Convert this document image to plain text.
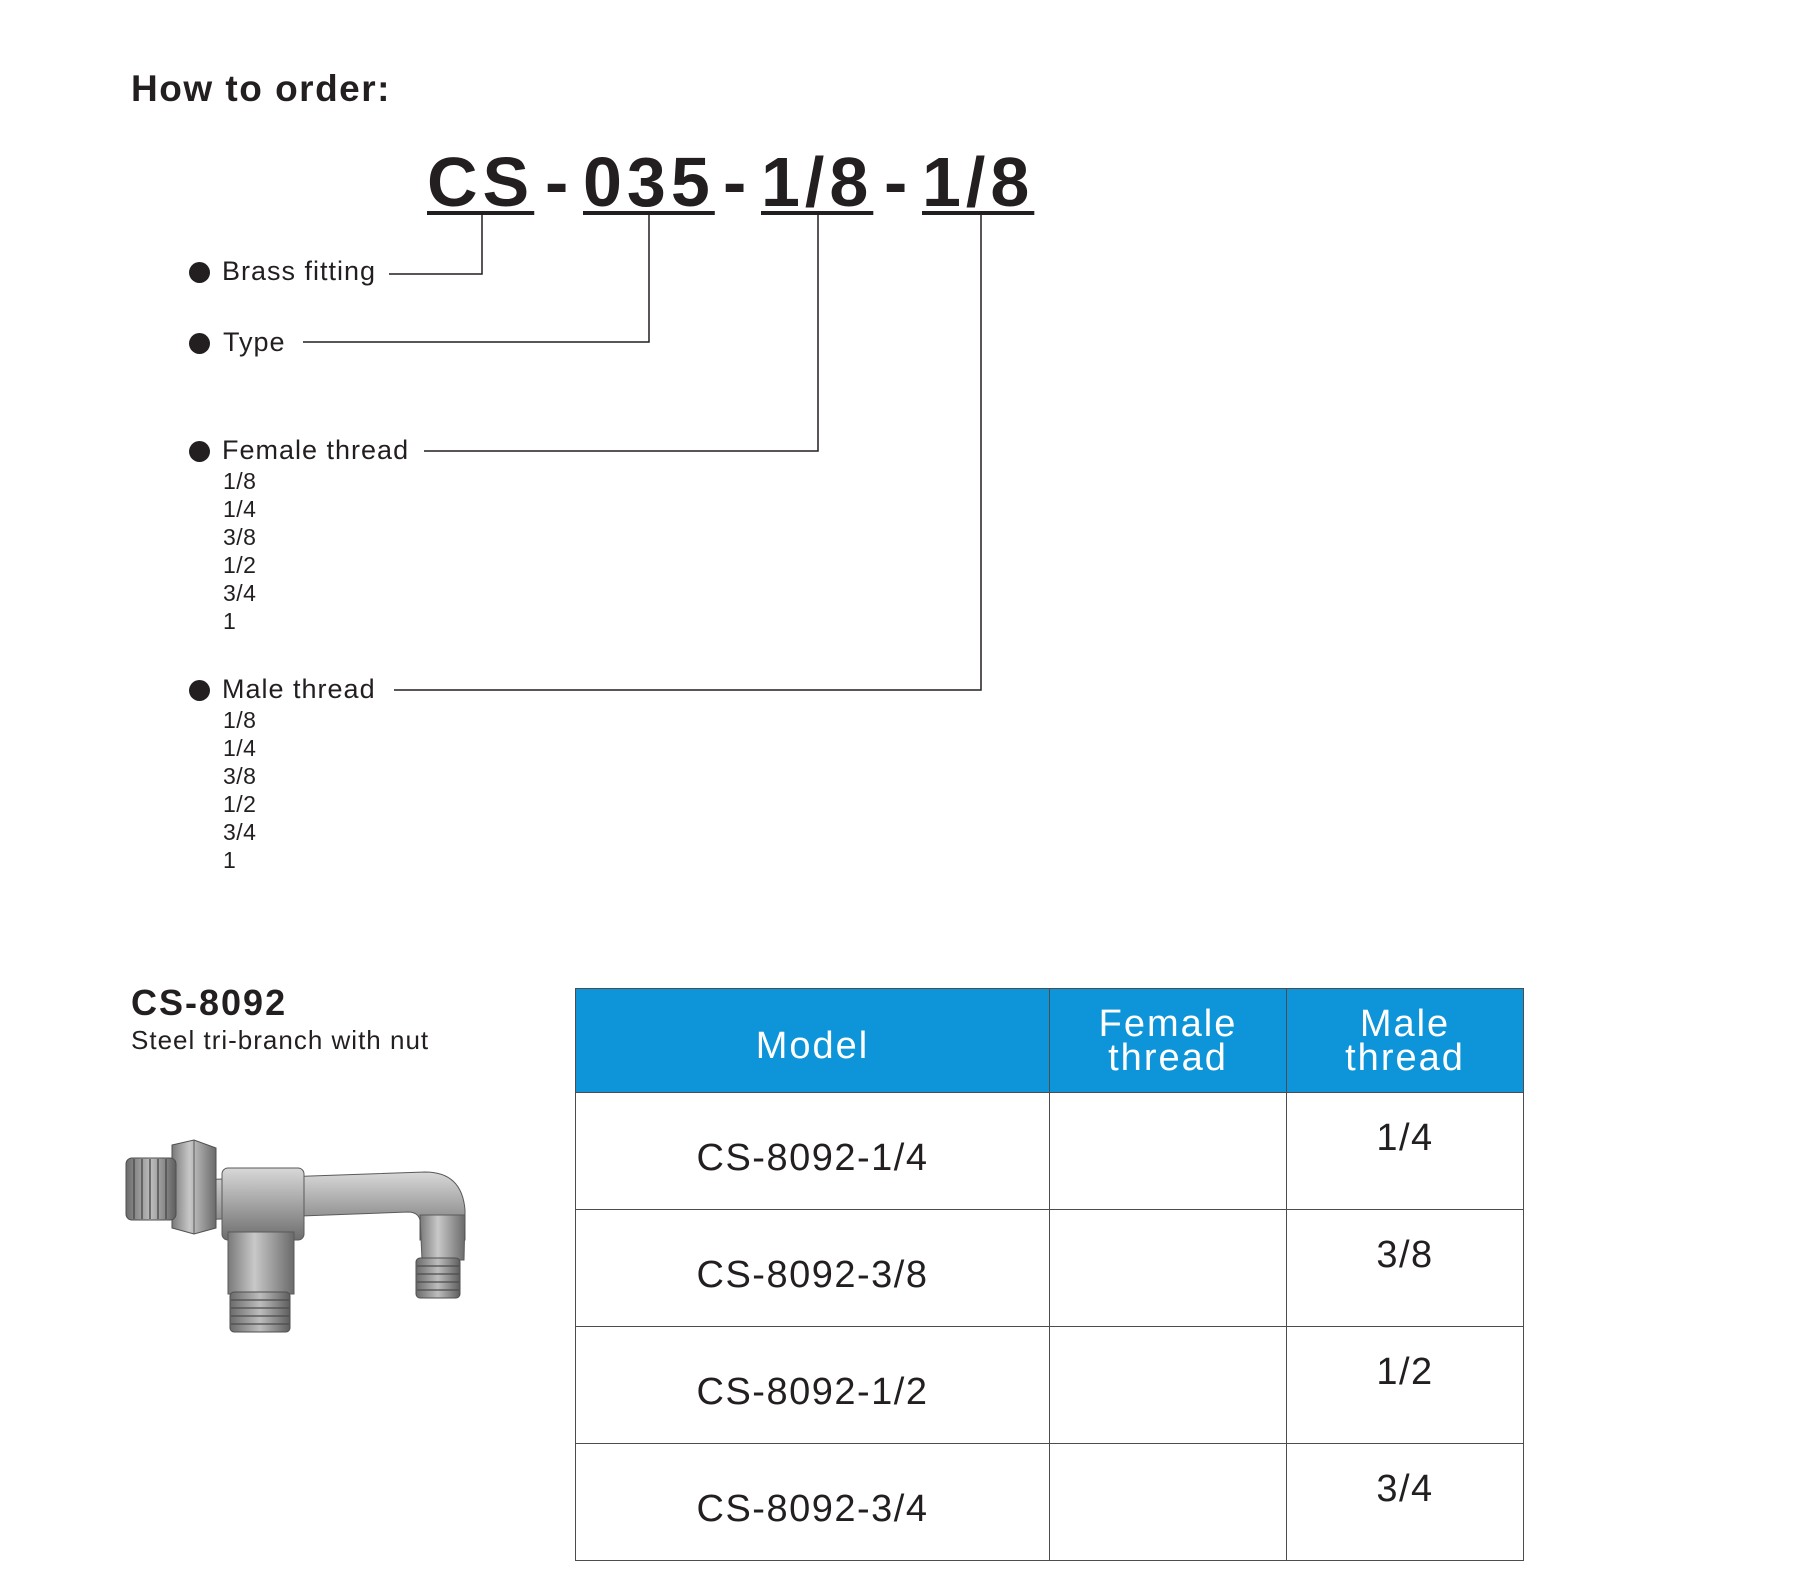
How to order:
CS - 035 - 1/8 - 1/8
Brass fitting
Type
Female thread
1/8
1/4
3/8
1/2
3/4
1
Male thread
1/8
1/4
3/8
1/2
3/4
1
CS-8092
Steel tri-branch with nut	Model	Female thread	Male thread
CS-8092-1/4		1/4
CS-8092-3/8		3/8
CS-8092-1/2		1/2
CS-8092-3/4		3/4
